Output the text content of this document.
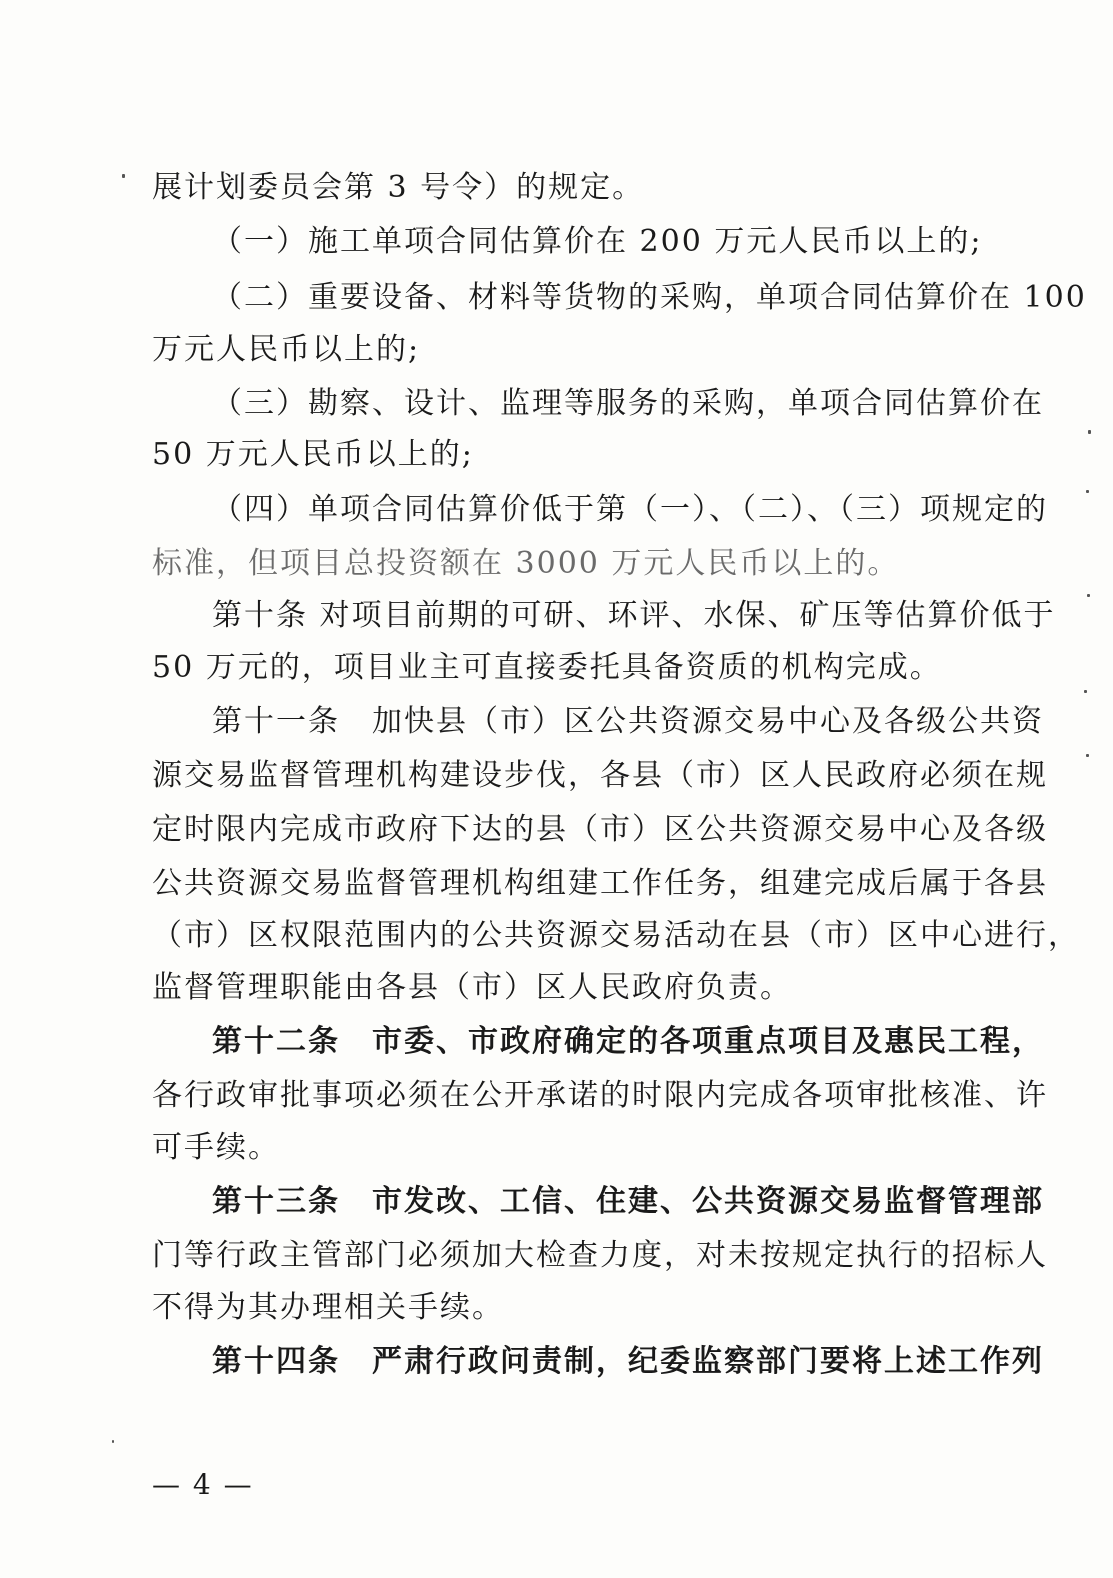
展计划委员会第 3 号令）的规定。
（一）施工单项合同估算价在 200 万元人民币以上的;
（二）重要设备、材料等货物的采购，单项合同估算价在 100
万元人民币以上的;
（三）勘察、设计、监理等服务的采购，单项合同估算价在
50 万元人民币以上的;
（四）单项合同估算价低于第（一）、（二）、（三）项规定的
标准，但项目总投资额在 3000 万元人民币以上的。
第十条 对项目前期的可研、环评、水保、矿压等估算价低于
50 万元的，项目业主可直接委托具备资质的机构完成。
第十一条　加快县（市）区公共资源交易中心及各级公共资
源交易监督管理机构建设步伐，各县（市）区人民政府必须在规
定时限内完成市政府下达的县（市）区公共资源交易中心及各级
公共资源交易监督管理机构组建工作任务，组建完成后属于各县
（市）区权限范围内的公共资源交易活动在县（市）区中心进行，
监督管理职能由各县（市）区人民政府负责。
第十二条　市委、市政府确定的各项重点项目及惠民工程，
各行政审批事项必须在公开承诺的时限内完成各项审批核准、许
可手续。
第十三条　市发改、工信、住建、公共资源交易监督管理部
门等行政主管部门必须加大检查力度，对未按规定执行的招标人
不得为其办理相关手续。
第十四条　严肃行政问责制，纪委监察部门要将上述工作列
— 4 —
